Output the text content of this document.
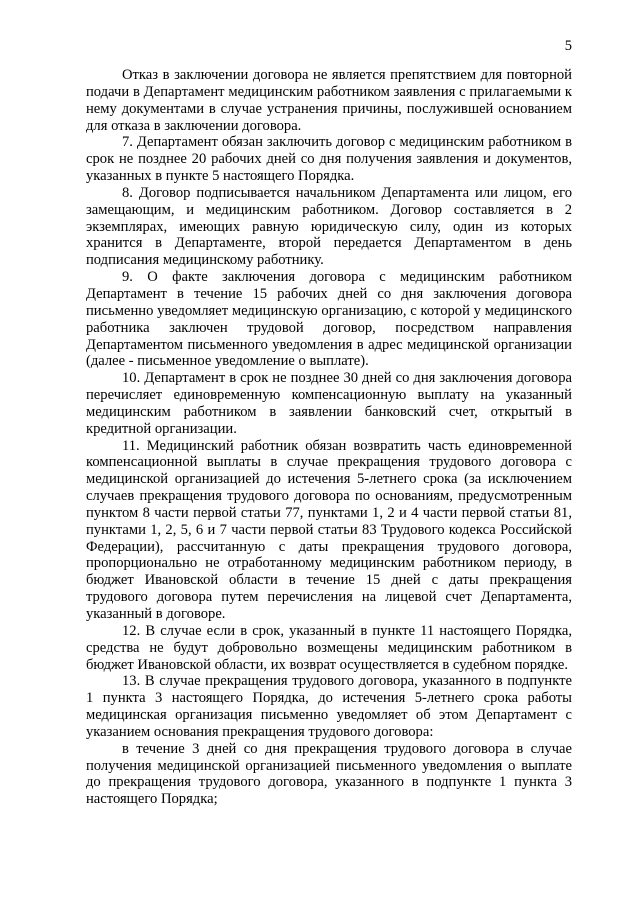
5

Отказ в заключении договора не является препятствием для повторной подачи в Департамент медицинским работником заявления с прилагаемыми к нему документами в случае устранения причины, послужившей основанием для отказа в заключении договора.

7. Департамент обязан заключить договор с медицинским работником в срок не позднее 20 рабочих дней со дня получения заявления и документов, указанных в пункте 5 настоящего Порядка.

8. Договор подписывается начальником Департамента или лицом, его замещающим, и медицинским работником. Договор составляется в 2 экземплярах, имеющих равную юридическую силу, один из которых хранится в Департаменте, второй передается Департаментом в день подписания медицинскому работнику.

9. О факте заключения договора с медицинским работником Департамент в течение 15 рабочих дней со дня заключения договора письменно уведомляет медицинскую организацию, с которой у медицинского работника заключен трудовой договор, посредством направления Департаментом письменного уведомления в адрес медицинской организации (далее - письменное уведомление о выплате).

10. Департамент в срок не позднее 30 дней со дня заключения договора перечисляет единовременную компенсационную выплату на указанный медицинским работником в заявлении банковский счет, открытый в кредитной организации.

11. Медицинский работник обязан возвратить часть единовременной компенсационной выплаты в случае прекращения трудового договора с медицинской организацией до истечения 5-летнего срока (за исключением случаев прекращения трудового договора по основаниям, предусмотренным пунктом 8 части первой статьи 77, пунктами 1, 2 и 4 части первой статьи 81, пунктами 1, 2, 5, 6 и 7 части первой статьи 83 Трудового кодекса Российской Федерации), рассчитанную с даты прекращения трудового договора, пропорционально не отработанному медицинским работником периоду, в бюджет Ивановской области в течение 15 дней с даты прекращения трудового договора путем перечисления на лицевой счет Департамента, указанный в договоре.

12. В случае если в срок, указанный в пункте 11 настоящего Порядка, средства не будут добровольно возмещены медицинским работником в бюджет Ивановской области, их возврат осуществляется в судебном порядке.

13. В случае прекращения трудового договора, указанного в подпункте 1 пункта 3 настоящего Порядка, до истечения 5-летнего срока работы медицинская организация письменно уведомляет об этом Департамент с указанием основания прекращения трудового договора:

в течение 3 дней со дня прекращения трудового договора в случае получения медицинской организацией письменного уведомления о выплате до прекращения трудового договора, указанного в подпункте 1 пункта 3 настоящего Порядка;
